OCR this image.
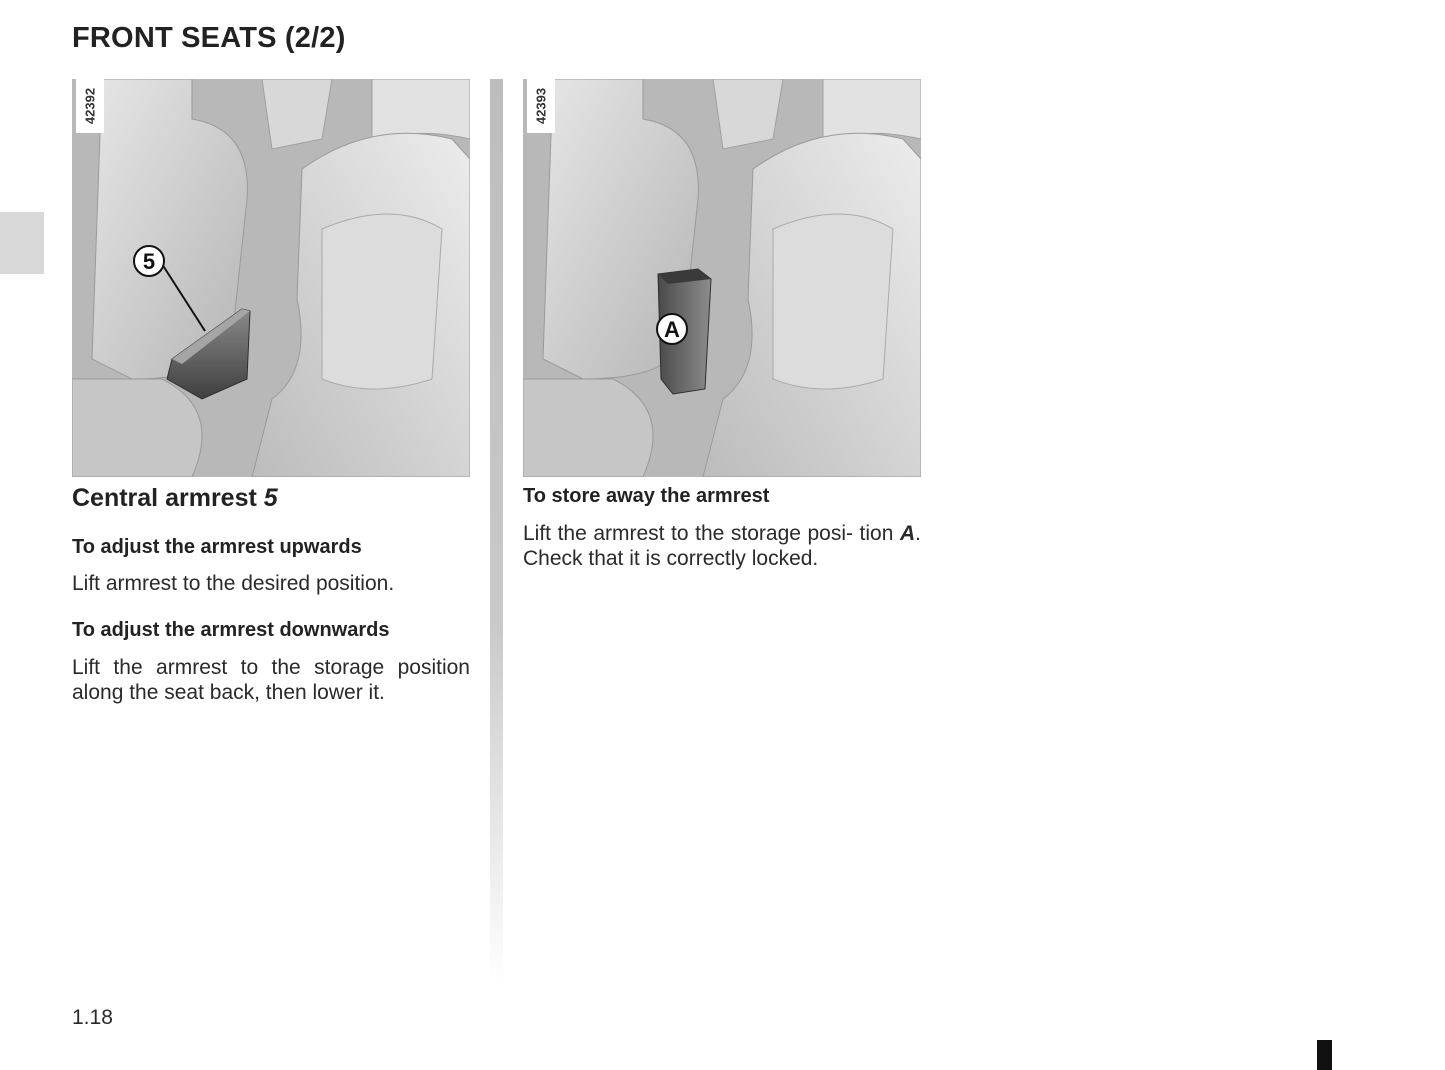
FRONT SEATS (2/2)
5
42392
A
42393
Central armrest 5
To adjust the armrest upwards
Lift armrest to the desired position.
To adjust the armrest downwards
Lift the armrest to the storage position along the seat back, then lower it.
To store away the armrest
Lift the armrest to the storage posi- tion A. Check that it is correctly locked.
1.18
